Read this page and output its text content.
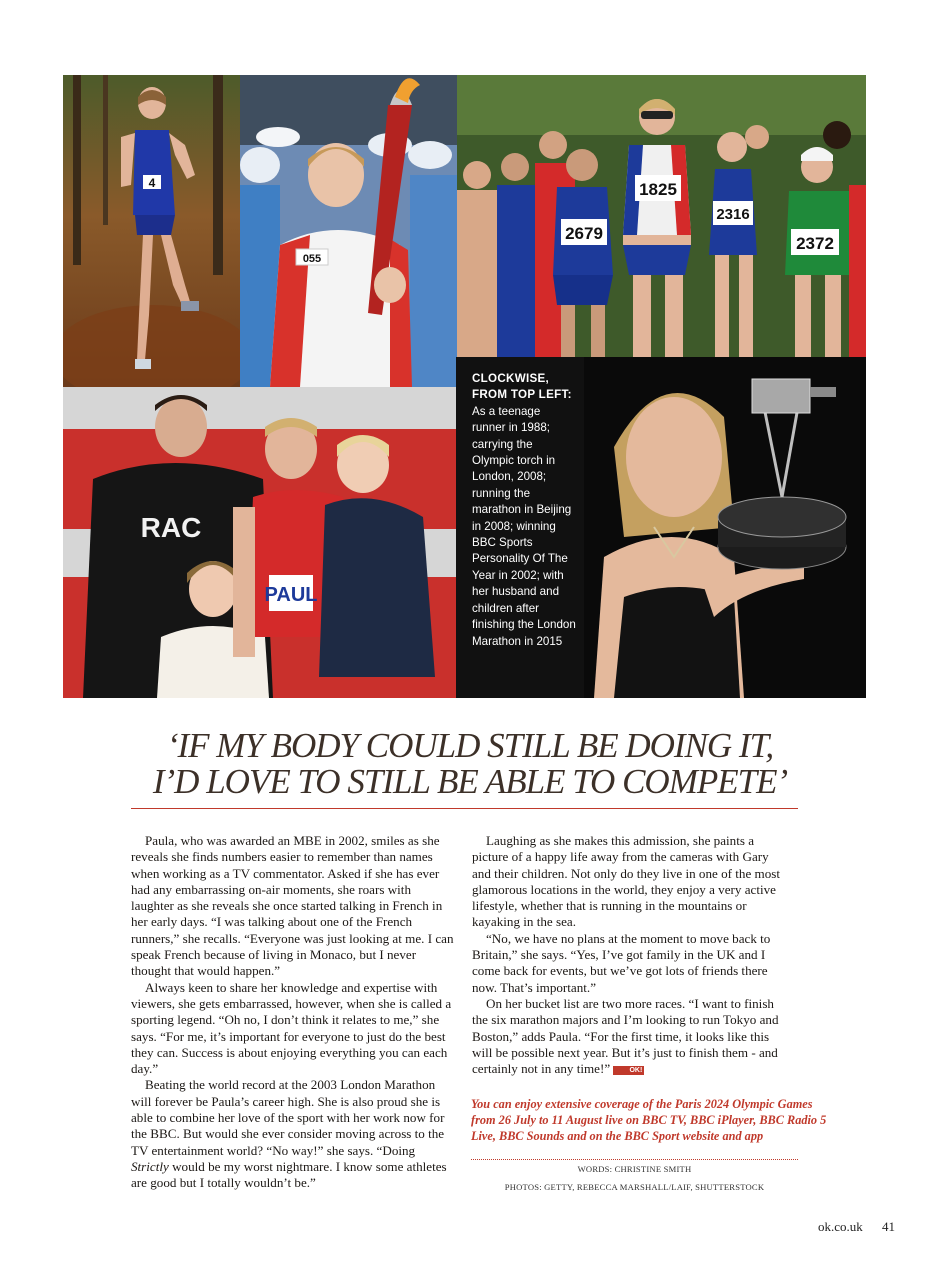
4
055
2679
1825
2316
2372
RAC
PAUL
CLOCKWISE, FROM TOP LEFT: As a teenage runner in 1988; carrying the Olympic torch in London, 2008; running the marathon in Beijing in 2008; winning BBC Sports Personality Of The Year in 2002; with her husband and children after finishing the London Marathon in 2015
‘IF MY BODY COULD STILL BE DOING IT,
I’D LOVE TO STILL BE ABLE TO COMPETE’

Paula, who was awarded an MBE in 2002, smiles as she reveals she finds numbers easier to remember than names when working as a TV commentator. Asked if she has ever had any embarrassing on-air moments, she roars with laughter as she reveals she once started talking in French in her early days. “I was talking about one of the French runners,” she recalls. “Everyone was just looking at me. I can speak French because of living in Monaco, but I never thought that would happen.”

Always keen to share her knowledge and expertise with viewers, she gets embarrassed, however, when she is called a sporting legend. “Oh no, I don’t think it relates to me,” she says. “For me, it’s important for everyone to just do the best they can. Success is about enjoying everything you can each day.”

Beating the world record at the 2003 London Marathon will forever be Paula’s career high. She is also proud she is able to combine her love of the sport with her work now for the BBC. But would she ever consider moving across to the TV entertainment world? “No way!” she says. “Doing Strictly would be my worst nightmare. I know some athletes are good but I totally wouldn’t be.”

Laughing as she makes this admission, she paints a picture of a happy life away from the cameras with Gary and their children. Not only do they live in one of the most glamorous locations in the world, they enjoy a very active lifestyle, whether that is running in the mountains or kayaking in the sea.

“No, we have no plans at the moment to move back to Britain,” she says. “Yes, I’ve got family in the UK and I come back for events, but we’ve got lots of friends there now. That’s important.”

On her bucket list are two more races. “I want to finish the six marathon majors and I’m looking to run Tokyo and Boston,” adds Paula. “For the first time, it looks like this will be possible next year. But it’s just to finish them - and certainly not in any time!”	OK!

You can enjoy extensive coverage of the Paris 2024 Olympic Games from 26 July to 11 August live on BBC TV, BBC iPlayer, BBC Radio 5 Live, BBC Sounds and on the BBC Sport website and app
WORDS: CHRISTINE SMITH
PHOTOS: GETTY, REBECCA MARSHALL/LAIF, SHUTTERSTOCK
ok.co.uk 41
